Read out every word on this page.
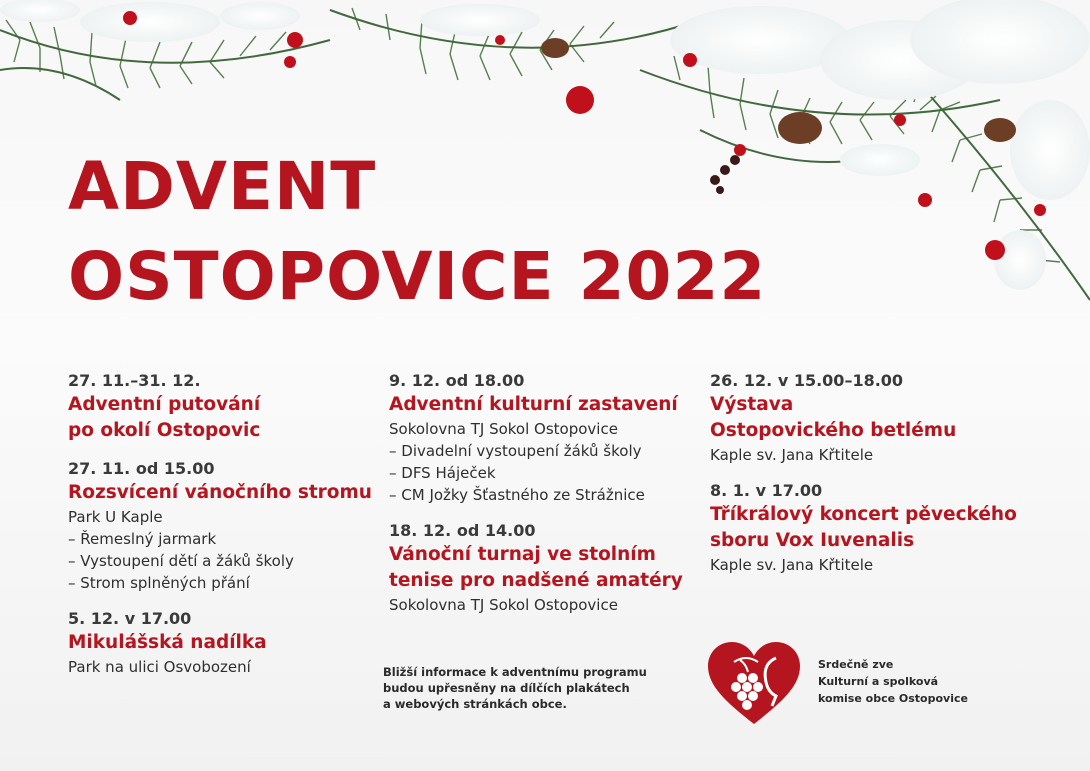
ADVENT
OSTOPOVICE 2022
27. 11.–31. 12.
Adventní putování
po okolí Ostopovic
27. 11. od 15.00
Rozsvícení vánočního stromu
Park U Kaple
– Řemeslný jarmark
– Vystoupení dětí a žáků školy
– Strom splněných přání
5. 12. v 17.00
Mikulášská nadílka
Park na ulici Osvobození
9. 12. od 18.00
Adventní kulturní zastavení
Sokolovna TJ Sokol Ostopovice
– Divadelní vystoupení žáků školy
– DFS Háječek
– CM Jožky Šťastného ze Strážnice
18. 12. od 14.00
Vánoční turnaj ve stolním
tenise pro nadšené amatéry
Sokolovna TJ Sokol Ostopovice
26. 12. v 15.00–18.00
Výstava
Ostopovického betlému
Kaple sv. Jana Křtitele
8. 1. v 17.00
Tříkrálový koncert pěveckého
sboru Vox Iuvenalis
Kaple sv. Jana Křtitele
Bližší informace k adventnímu programu
budou upřesněny na dílčích plakátech
a webových stránkách obce.
Srdečně zve
Kulturní a spolková
komise obce Ostopovice
